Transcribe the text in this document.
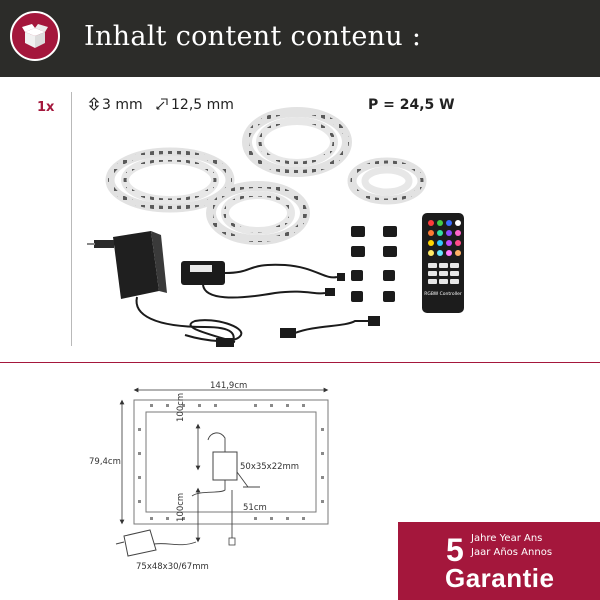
Inhalt content contenu :
1x	3 mm	12,5 mm	P = 24,5 W
RGBW Controller
141,9cm
79,4cm
100cm
100cm
50x35x22mm
51cm
75x48x30/67mm	5 Jahre Year Ans
Jaar Años Annos
Garantie
